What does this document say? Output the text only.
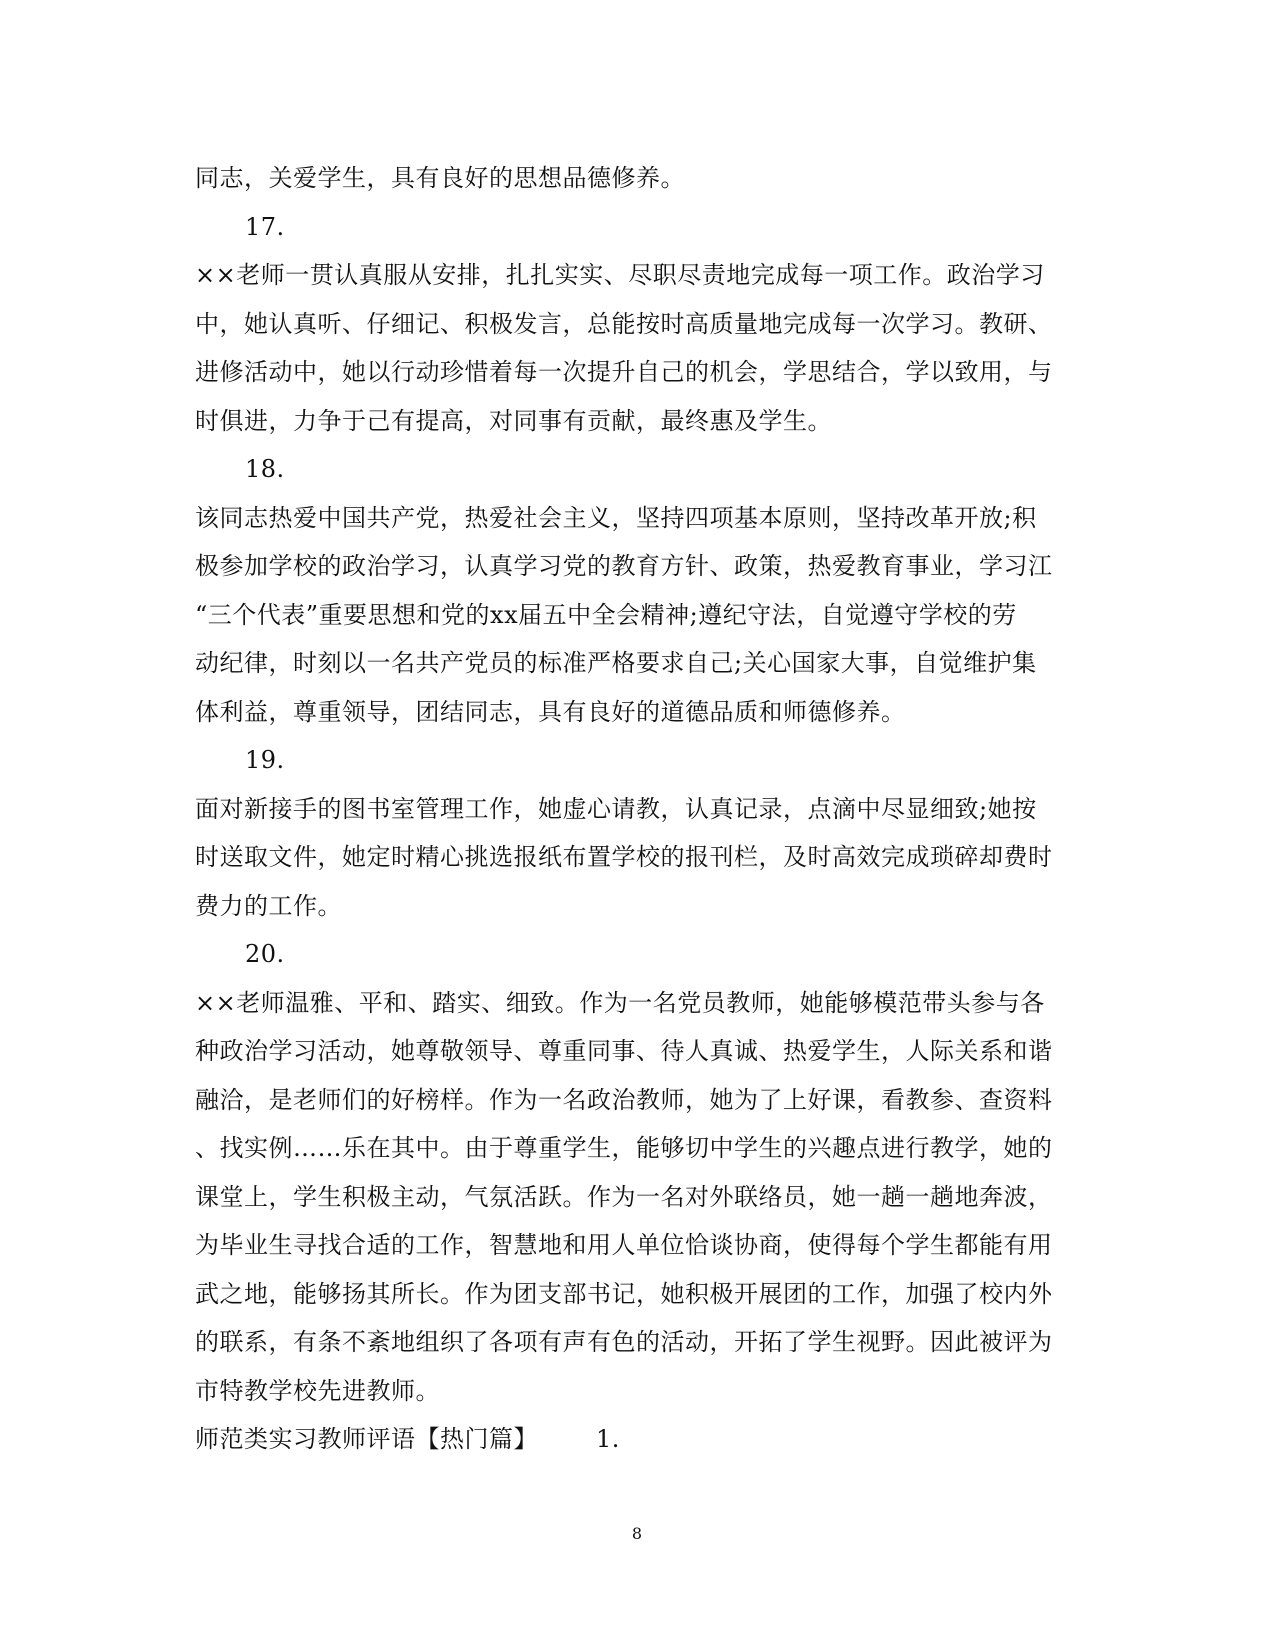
同志，关爱学生，具有良好的思想品德修养。
17.
××老师一贯认真服从安排，扎扎实实、尽职尽责地完成每一项工作。政治学习
中，她认真听、仔细记、积极发言，总能按时高质量地完成每一次学习。教研、
进修活动中，她以行动珍惜着每一次提升自己的机会，学思结合，学以致用，与
时俱进，力争于己有提高，对同事有贡献，最终惠及学生。
18.
该同志热爱中国共产党，热爱社会主义，坚持四项基本原则，坚持改革开放;积
极参加学校的政治学习，认真学习党的教育方针、政策，热爱教育事业，学习江
“三个代表”重要思想和党的xx届五中全会精神;遵纪守法，自觉遵守学校的劳
动纪律，时刻以一名共产党员的标准严格要求自己;关心国家大事，自觉维护集
体利益，尊重领导，团结同志，具有良好的道德品质和师德修养。
19.
面对新接手的图书室管理工作，她虚心请教，认真记录，点滴中尽显细致;她按
时送取文件，她定时精心挑选报纸布置学校的报刊栏，及时高效完成琐碎却费时
费力的工作。
20.
××老师温雅、平和、踏实、细致。作为一名党员教师，她能够模范带头参与各
种政治学习活动，她尊敬领导、尊重同事、待人真诚、热爱学生，人际关系和谐
融洽，是老师们的好榜样。作为一名政治教师，她为了上好课，看教参、查资料
、找实例……乐在其中。由于尊重学生，能够切中学生的兴趣点进行教学，她的
课堂上，学生积极主动，气氛活跃。作为一名对外联络员，她一趟一趟地奔波，
为毕业生寻找合适的工作，智慧地和用人单位恰谈协商，使得每个学生都能有用
武之地，能够扬其所长。作为团支部书记，她积极开展团的工作，加强了校内外
的联系，有条不紊地组织了各项有声有色的活动，开拓了学生视野。因此被评为
市特教学校先进教师。
师范类实习教师评语【热门篇】 1.
8
